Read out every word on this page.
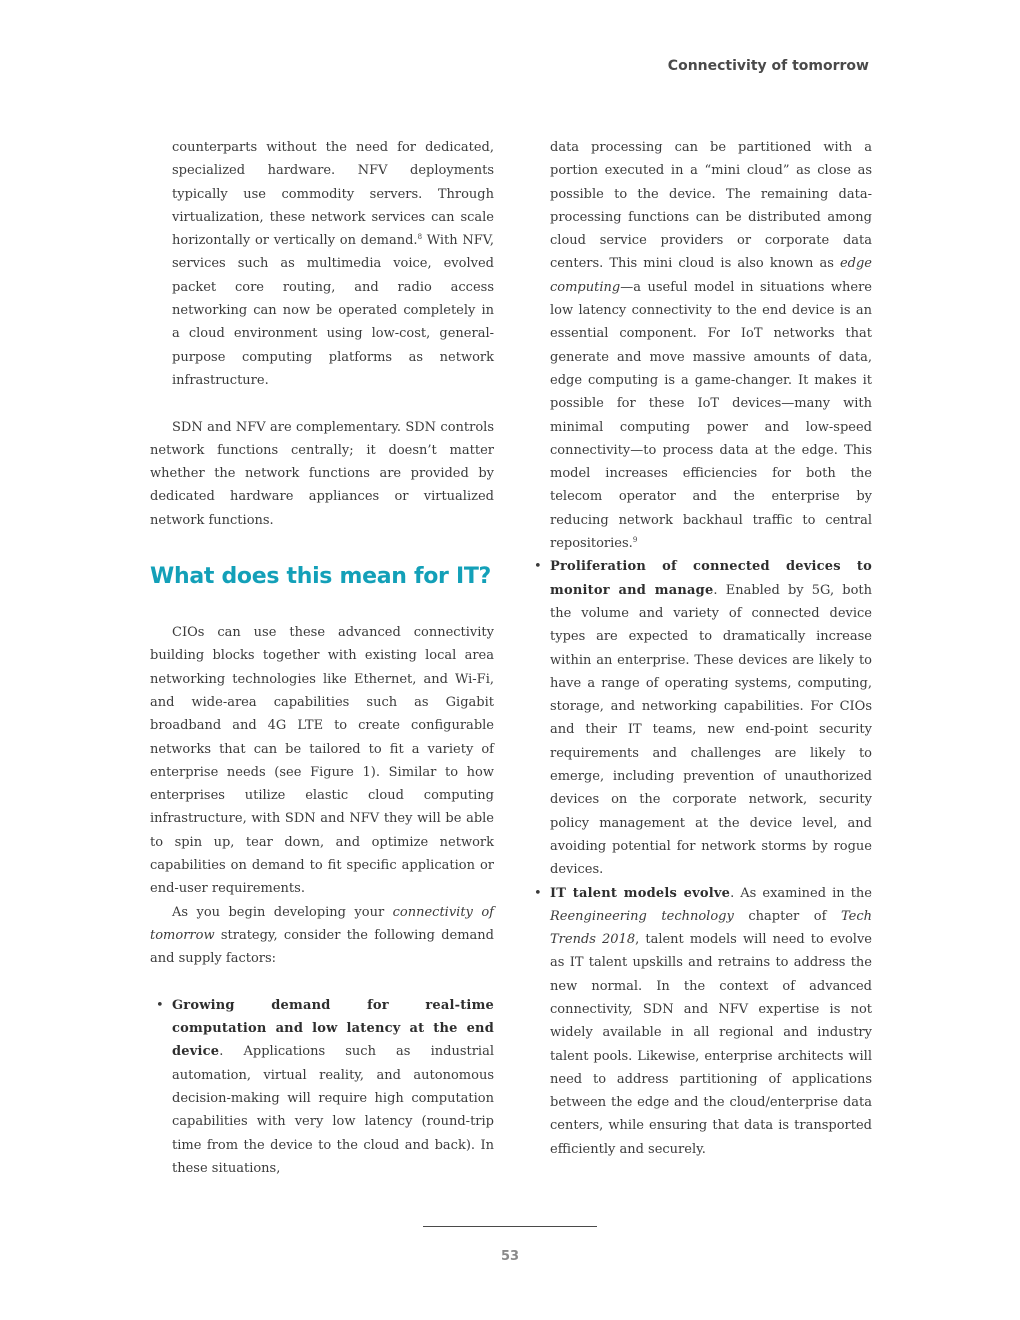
Connectivity of tomorrow

counterparts without the need for dedicated, specialized hardware. NFV deployments typically use commodity servers. Through virtualization, these network services can scale horizontally or vertically on demand.$^8$ With NFV, services such as multimedia voice, evolved packet core routing, and radio access networking can now be operated completely in a cloud environment using low-cost, general-purpose computing platforms as network infrastructure.

SDN and NFV are complementary. SDN controls network functions centrally; it doesn’t matter whether the network functions are provided by dedicated hardware appliances or virtualized network functions.

What does this mean for IT?

CIOs can use these advanced connectivity building blocks together with existing local area networking technologies like Ethernet, and Wi-Fi, and wide-area capabilities such as Gigabit broadband and 4G LTE to create configurable networks that can be tailored to fit a variety of enterprise needs (see Figure 1). Similar to how enterprises utilize elastic cloud computing infrastructure, with SDN and NFV they will be able to spin up, tear down, and optimize network capabilities on demand to fit specific application or end-user requirements.

As you begin developing your connectivity of tomorrow strategy, consider the following demand and supply factors:

• Growing demand for real-time computation and low latency at the end device. Applications such as industrial automation, virtual reality, and autonomous decision-making will require high computation capabilities with very low latency (round-trip time from the device to the cloud and back). In these situations,

data processing can be partitioned with a portion executed in a “mini cloud” as close as possible to the device. The remaining data-processing functions can be distributed among cloud service providers or corporate data centers. This mini cloud is also known as edge computing—a useful model in situations where low latency connectivity to the end device is an essential component. For IoT networks that generate and move massive amounts of data, edge computing is a game-changer. It makes it possible for these IoT devices—many with minimal computing power and low-speed connectivity—to process data at the edge. This model increases efficiencies for both the telecom operator and the enterprise by reducing network backhaul traffic to central repositories.$^9$

• Proliferation of connected devices to monitor and manage. Enabled by 5G, both the volume and variety of connected device types are expected to dramatically increase within an enterprise. These devices are likely to have a range of operating systems, computing, storage, and networking capabilities. For CIOs and their IT teams, new end-point security requirements and challenges are likely to emerge, including prevention of unauthorized devices on the corporate network, security policy management at the device level, and avoiding potential for network storms by rogue devices.
• IT talent models evolve. As examined in the Reengineering technology chapter of Tech Trends 2018, talent models will need to evolve as IT talent upskills and retrains to address the new normal. In the context of advanced connectivity, SDN and NFV expertise is not widely available in all regional and industry talent pools. Likewise, enterprise architects will need to address partitioning of applications between the edge and the cloud/enterprise data centers, while ensuring that data is transported efficiently and securely.
53
